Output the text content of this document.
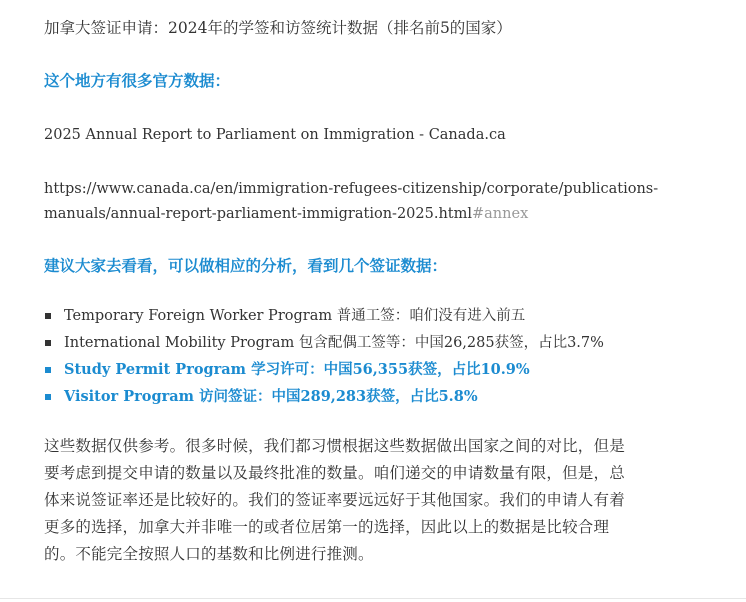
加拿大签证申请：2024年的学签和访签统计数据（排名前5的国家）
这个地方有很多官方数据：
2025 Annual Report to Parliament on Immigration - Canada.ca
https://www.canada.ca/en/immigration-refugees-citizenship/corporate/publications-
manuals/annual-report-parliament-immigration-2025.html#annex
建议大家去看看，可以做相应的分析，看到几个签证数据：
Temporary Foreign Worker Program 普通工签：咱们没有进入前五
International Mobility Program 包含配偶工签等：中国26,285获签，占比3.7%
Study Permit Program 学习许可：中国56,355获签，占比10.9%
Visitor Program 访问签证：中国289,283获签，占比5.8%
这些数据仅供参考。很多时候，我们都习惯根据这些数据做出国家之间的对比，但是
要考虑到提交申请的数量以及最终批准的数量。咱们递交的申请数量有限，但是，总
体来说签证率还是比较好的。我们的签证率要远远好于其他国家。我们的申请人有着
更多的选择，加拿大并非唯一的或者位居第一的选择，因此以上的数据是比较合理
的。不能完全按照人口的基数和比例进行推测。
